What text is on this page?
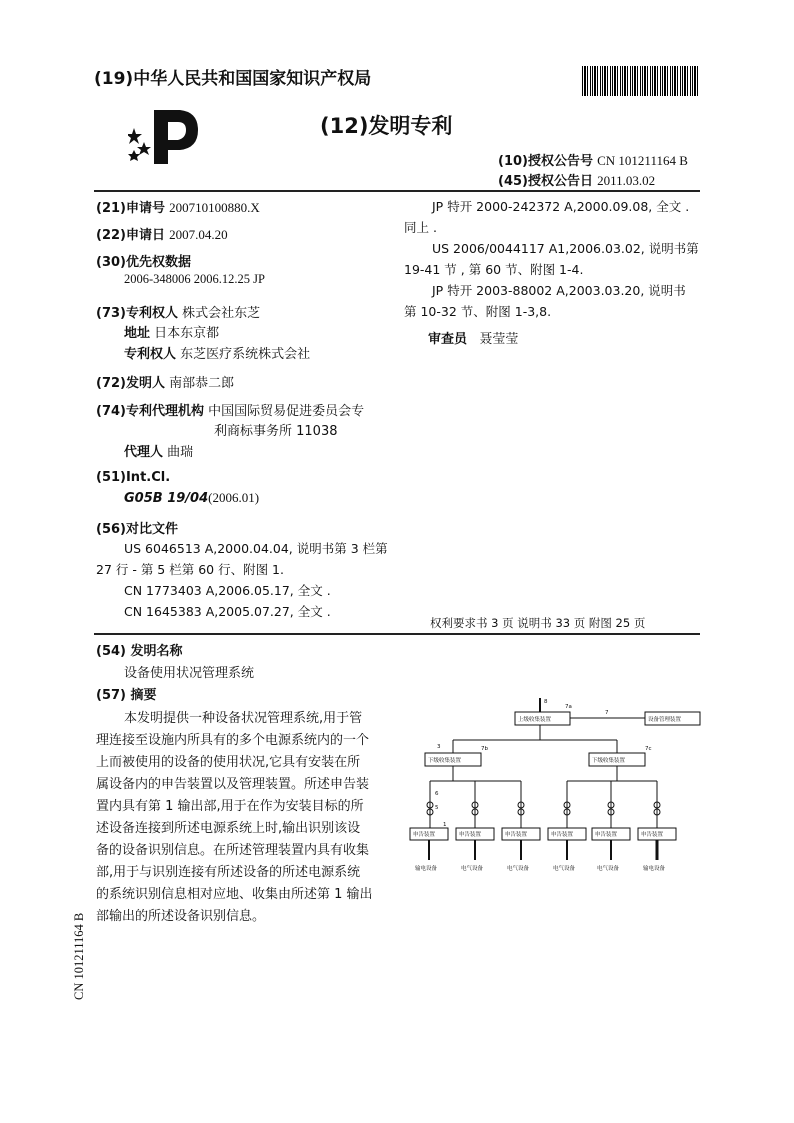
(19)中华人民共和国国家知识产权局
(12)发明专利
(10)授权公告号 CN 101211164 B
(45)授权公告日 2011.03.02
(21)申请号 200710100880.X
(22)申请日 2007.04.20
(30)优先权数据
2006-348006 2006.12.25 JP
(73)专利权人 株式会社东芝
地址 日本东京都
专利权人 东芝医疗系统株式会社
(72)发明人 南部恭二郎
(74)专利代理机构 中国国际贸易促进委员会专
利商标事务所 11038
代理人 曲瑞
(51)Int.Cl.
G05B 19/04(2006.01)
(56)对比文件
US 6046513 A,2000.04.04, 说明书第 3 栏第
27 行 - 第 5 栏第 60 行、附图 1.
CN 1773403 A,2006.05.17, 全文 .
CN 1645383 A,2005.07.27, 全文 .
JP 特开 2000-242372 A,2000.09.08, 全文 .
同上 .
US 2006/0044117 A1,2006.03.02, 说明书第
19-41 节 , 第 60 节、附图 1-4.
JP 特开 2003-88002 A,2003.03.20, 说明书
第 10-32 节、附图 1-3,8.
审查员 聂莹莹
权利要求书 3 页 说明书 33 页 附图 25 页
(54) 发明名称
设备使用状况管理系统
(57) 摘要
本发明提供一种设备状况管理系统,用于管
理连接至设施内所具有的多个电源系统内的一个
上而被使用的设备的使用状况,它具有安装在所
属设备内的申告装置以及管理装置。所述申告装
置内具有第 1 输出部,用于在作为安装目标的所
述设备连接到所述电源系统上时,输出识别该设
备的设备识别信息。在所述管理装置内具有收集
部,用于与识别连接有所述设备的所述电源系统
的系统识别信息相对应地、收集由所述第 1 输出
部输出的所述设备识别信息。
上级收集装置	设备管理装置
下级收集装置	下级收集装置
申告装置	申告装置	申告装置	申告装置	申告装置	申告装置
输电设备	电气设备	电气设备	电气设备	电气设备	输电设备
7
7a
7b	7c
5
6
1
8
3
CN 101211164 B
